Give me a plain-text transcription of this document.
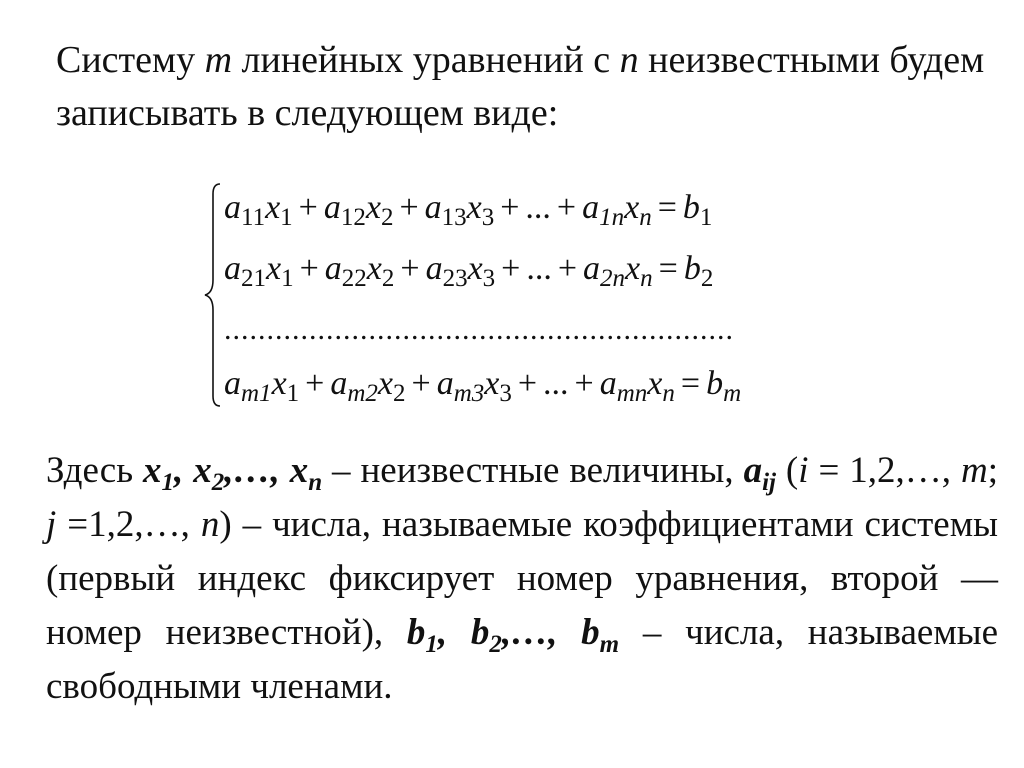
Систему m линейных уравнений с n неизвестными будем записывать в следующем виде:
$a_{11}x_1 + a_{12}x_2 + a_{13}x_3$ + ... + $a_{1n}x_n = b_1$
$a_{21}x_1 + a_{22}x_2 + a_{23}x_3$ + ... + $a_{2n}x_n = b_2$
............................................................
$a_{m1}x_1 + a_{m2}x_2 + a_{m3}x_3$ + ... + $a_{mn}x_n = b_m$
Здесь $x_1$, $x_2,\dots$, $x_n$ – неизвестные величины, $a_{ij}$ (i = 1,2,…, m; j =1,2,…, n) – числа, называемые коэффициентами системы (первый индекс фиксирует номер уравнения, второй — номер неизвестной), $b_1$, $b_2,\dots$, $b_m$ – числа, называемые свободными членами.
